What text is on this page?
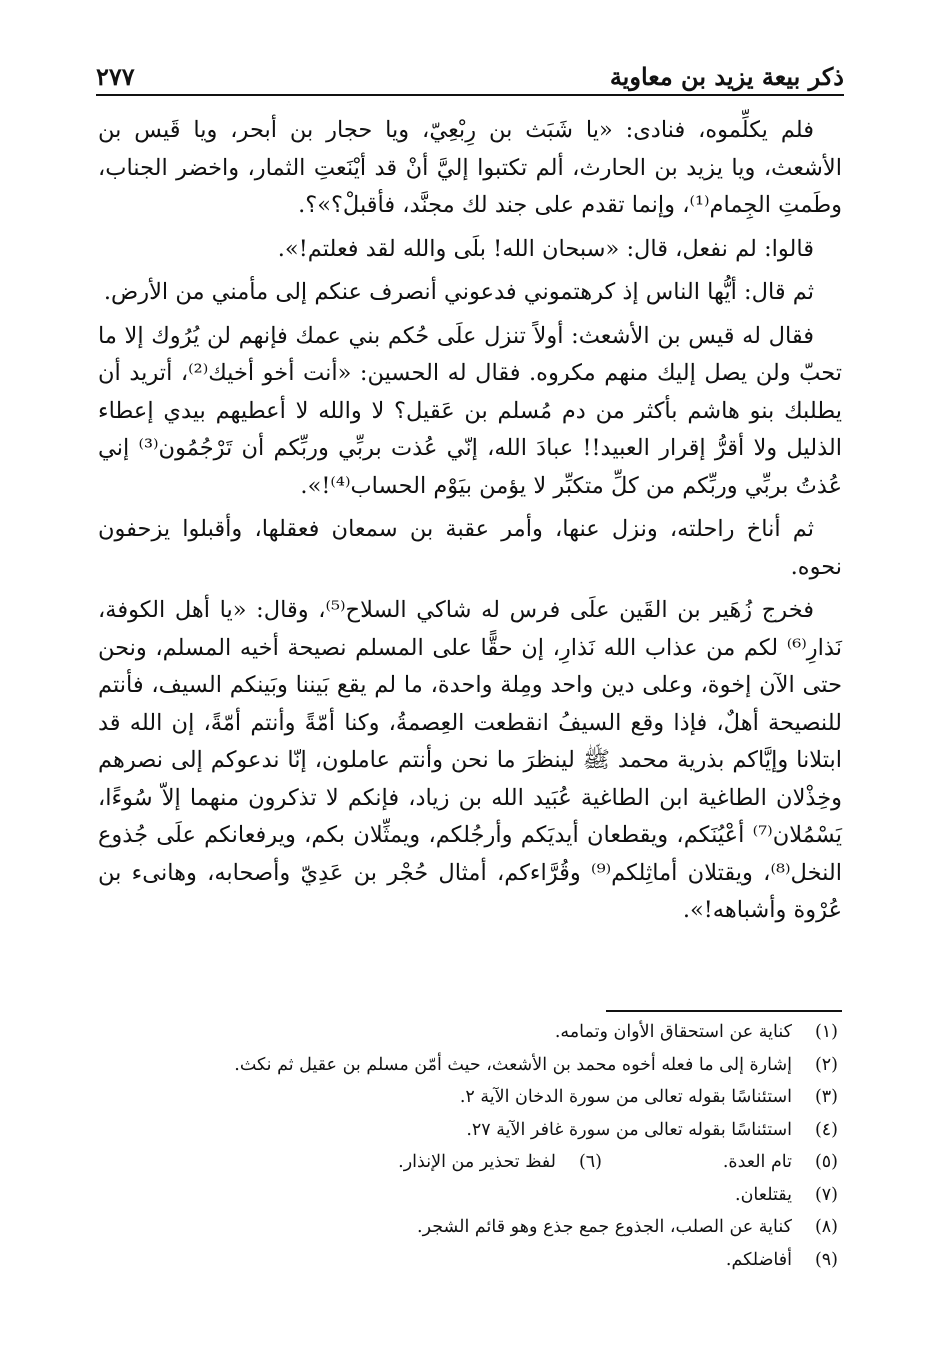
ذكر بيعة يزيد بن معاوية
٢٧٧

فلم يكلِّموه، فنادى: «يا شَبَث بن رِبْعِيّ، ويا حجار بن أبحر، ويا قَيس بن الأشعث، ويا يزيد بن الحارث، ألم تكتبوا إليَّ أنْ قد أيْنَعتِ الثمار، واخضر الجناب، وطَمتِ الجِمام⁽¹⁾، وإنما تقدم على جند لك مجنَّد، فأقبلْ؟»؟.

قالوا: لم نفعل، قال: «سبحان الله! بلَى والله لقد فعلتم!».

ثم قال: أيُّها الناس إذ كرهتموني فدعوني أنصرف عنكم إلى مأمني من الأرض.

فقال له قيس بن الأشعث: أولاً تنزل علَى حُكم بني عمك فإنهم لن يُرُوك إلا ما تحبّ ولن يصل إليك منهم مكروه. فقال له الحسين: «أنت أخو أخيك⁽²⁾، أتريد أن يطلبك بنو هاشم بأكثر من دم مُسلم بن عَقيل؟ لا والله لا أعطيهم بيدي إعطاء الذليل ولا أقرُّ إقرار العبيد!! عبادَ الله، إنّي عُذت بربِّي وربِّكم أن تَرْجُمُون⁽³⁾ إني عُذتُ بربِّي وربِّكم من كلِّ متكبِّر لا يؤمن بيَوْم الحساب⁽⁴⁾!».

ثم أناخ راحلته، ونزل عنها، وأمر عقبة بن سمعان فعقلها، وأقبلوا يزحفون نحوه.

فخرج زُهَير بن القَين علَى فرس له شاكي السلاح⁽⁵⁾، وقال: «يا أهل الكوفة، نَذارِ⁽⁶⁾ لكم من عذاب الله نَذارِ، إن حقًّا على المسلم نصيحة أخيه المسلم، ونحن حتى الآن إخوة، وعلى دين واحد ومِلة واحدة، ما لم يقع بَيننا وبَينكم السيف، فأنتم للنصيحة أهلٌ، فإذا وقع السيفُ انقطعت العِصمةُ، وكنا أمّةً وأنتم أمّةً، إن الله قد ابتلانا وإيَّاكم بذرية محمد ﷺ لينظرَ ما نحن وأنتم عاملون، إنّا ندعوكم إلى نصرهم وخِذْلان الطاغية ابن الطاغية عُبَيد الله بن زياد، فإنكم لا تذكرون منهما إلاّ سُوءًا، يَسْمُلان⁽⁷⁾ أعْيُنَكم، ويقطعان أيديَكم وأرجُلكم، ويمثِّلان بكم، ويرفعانكم علَى جُذوع النخل⁽⁸⁾، ويقتلان أماثِلكم⁽⁹⁾ وقُرَّاءكم، أمثال حُجْر بن عَدِيّ وأصحابه، وهانىء بن عُرْوة وأشباهه!».

(١)
كناية عن استحقاق الأوان وتمامه.
(٢)
إشارة إلى ما فعله أخوه محمد بن الأشعث، حيث أمّن مسلم بن عقيل ثم نكث.
(٣)
استئناسًا بقوله تعالى من سورة الدخان الآية ٢.
(٤)
استئناسًا بقوله تعالى من سورة غافر الآية ٢٧.
(٥)
تام العدة.
(٦)
لفظ تحذير من الإنذار.
(٧)
يقتلعان.
(٨)
كناية عن الصلب، الجذوع جمع جذع وهو قائم الشجر.
(٩)
أفاضلكم.
